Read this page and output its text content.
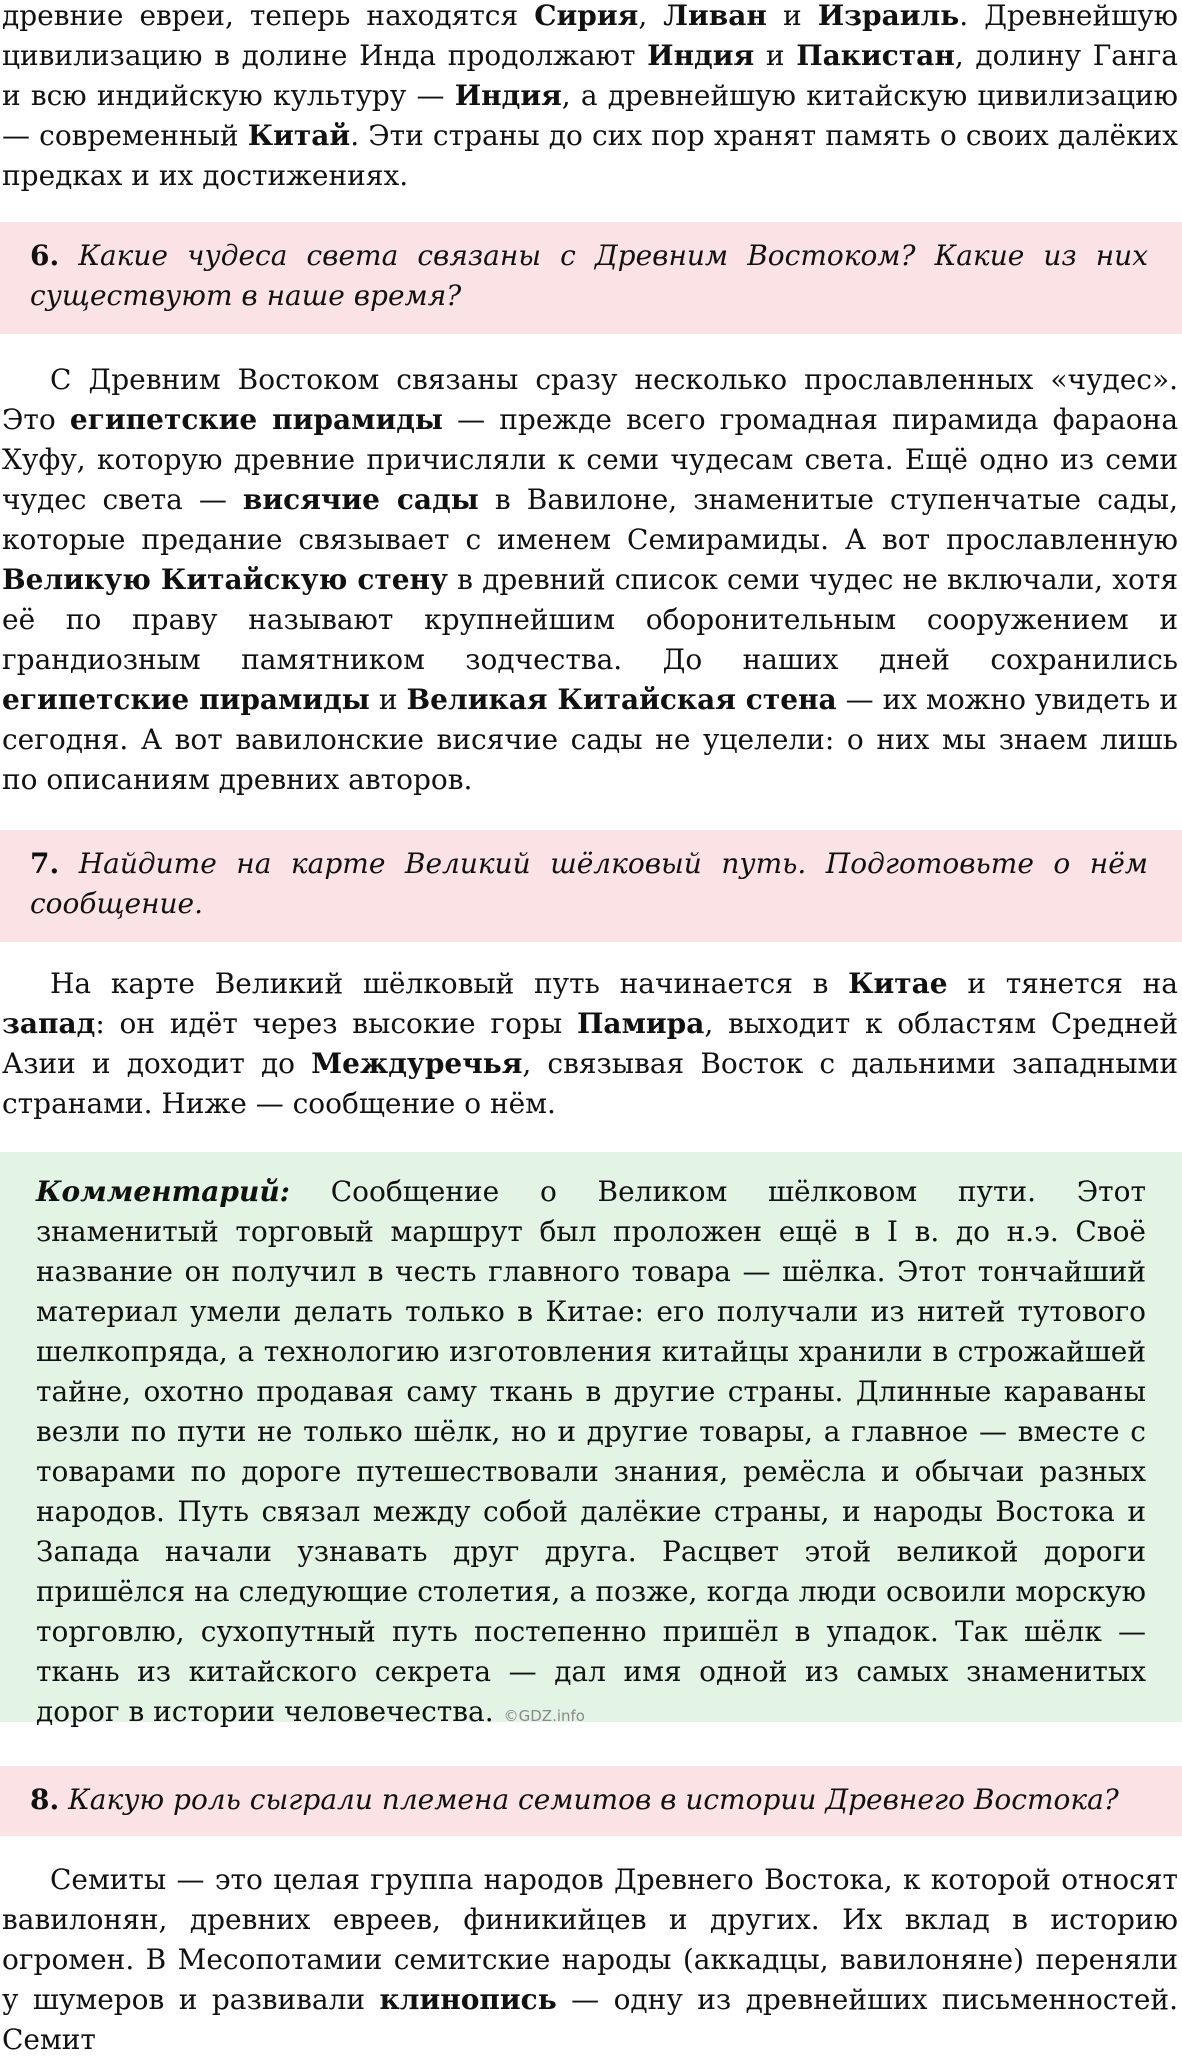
древние евреи, теперь находятся Сирия, Ливан и Израиль. Древнейшую цивилизацию в долине Инда продолжают Индия и Пакистан, долину Ганга и всю индийскую культуру — Индия, а древнейшую китайскую цивилизацию — современный Китай. Эти страны до сих пор хранят память о своих далёких предках и их достижениях.

6. Какие чудеса света связаны с Древним Востоком? Какие из них существуют в наше время?

С Древним Востоком связаны сразу несколько прославленных «чудес». Это египетские пирамиды — прежде всего громадная пирамида фараона Хуфу, которую древние причисляли к семи чудесам света. Ещё одно из семи чудес света — висячие сады в Вавилоне, знаменитые ступенчатые сады, которые предание связывает с именем Семирамиды. А вот прославленную Великую Китайскую стену в древний список семи чудес не включали, хотя её по праву называют крупнейшим оборонительным сооружением и грандиозным памятником зодчества. До наших дней сохранились египетские пирамиды и Великая Китайская стена — их можно увидеть и сегодня. А вот вавилонские висячие сады не уцелели: о них мы знаем лишь по описаниям древних авторов.

7. Найдите на карте Великий шёлковый путь. Подготовьте о нём сообщение.

На карте Великий шёлковый путь начинается в Китае и тянется на запад: он идёт через высокие горы Памира, выходит к областям Средней Азии и доходит до Междуречья, связывая Восток с дальними западными странами. Ниже — сообщение о нём.

Комментарий: Сообщение о Великом шёлковом пути. Этот знаменитый торговый маршрут был проложен ещё в I в. до н.э. Своё название он получил в честь главного товара — шёлка. Этот тончайший материал умели делать только в Китае: его получали из нитей тутового шелкопряда, а технологию изготовления китайцы хранили в строжайшей тайне, охотно продавая саму ткань в другие страны. Длинные караваны везли по пути не только шёлк, но и другие товары, а главное — вместе с товарами по дороге путешествовали знания, ремёсла и обычаи разных народов. Путь связал между собой далёкие страны, и народы Востока и Запада начали узнавать друг друга. Расцвет этой великой дороги пришёлся на следующие столетия, а позже, когда люди освоили морскую торговлю, сухопутный путь постепенно пришёл в упадок. Так шёлк — ткань из китайского секрета — дал имя одной из самых знаменитых дорог в истории человечества. ©GDZ.info
8. Какую роль сыграли племена семитов в истории Древнего Востока?

Семиты — это целая группа народов Древнего Востока, к которой относят вавилонян, древних евреев, финикийцев и других. Их вклад в историю огромен. В Месопотамии семитские народы (аккадцы, вавилоняне) переняли у шумеров и развивали клинопись — одну из древнейших письменностей. Семит
